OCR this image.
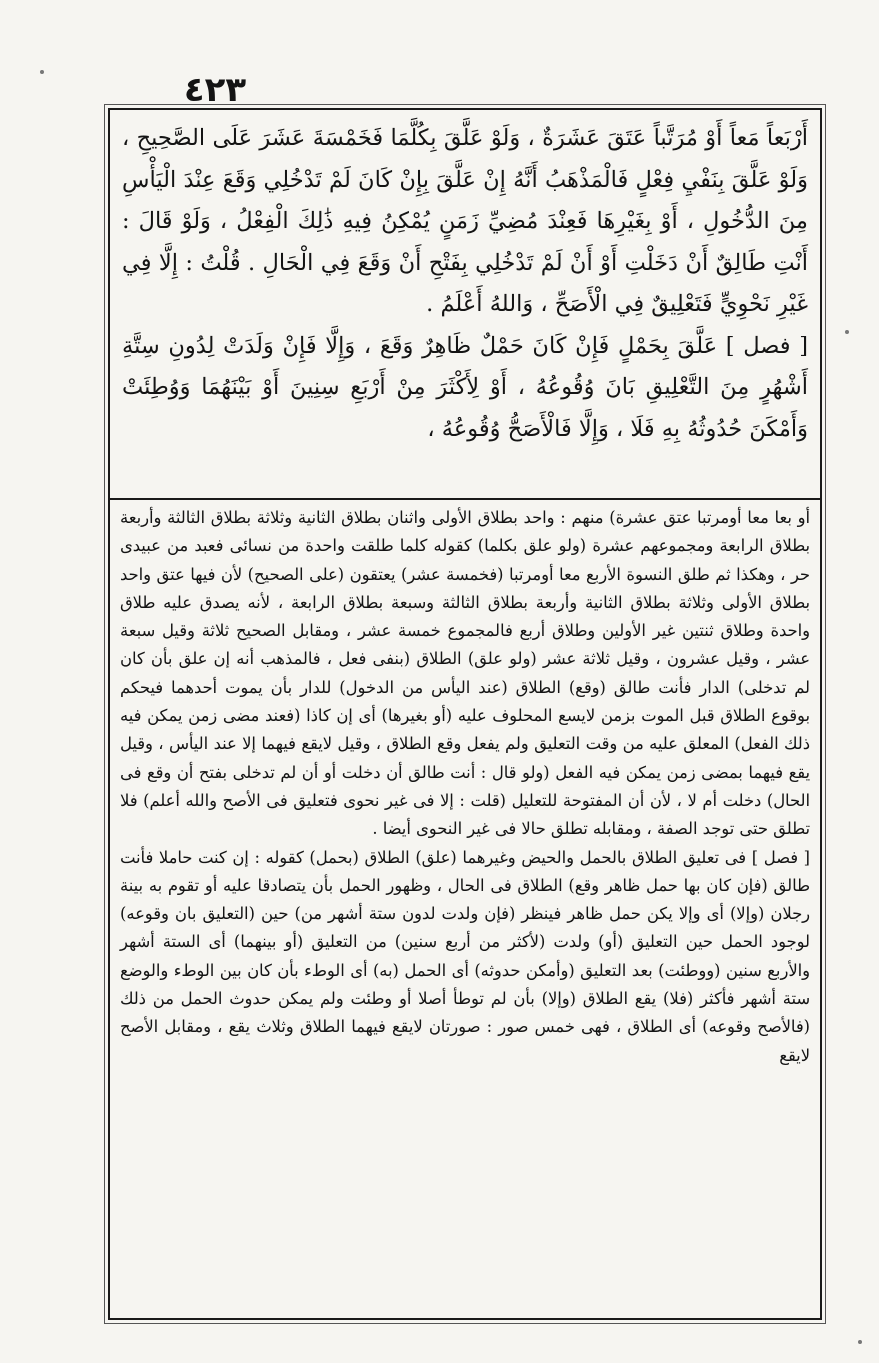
٤٢٣

أَرْبَعاً مَعاً أَوْ مُرَتَّباً عَتَقَ عَشَرَةٌ ، وَلَوْ عَلَّقَ بِكُلَّمَا فَخَمْسَةَ عَشَرَ عَلَى الصَّحِيحِ ، وَلَوْ عَلَّقَ بِنَفْيِ فِعْلٍ فَالْمَذْهَبُ أَنَّهُ إِنْ عَلَّقَ بِإِنْ كَانَ لَمْ تَدْخُلِي وَقَعَ عِنْدَ الْيَأْسِ مِنَ الدُّخُولِ ، أَوْ بِغَيْرِهَا فَعِنْدَ مُضِيِّ زَمَنٍ يُمْكِنُ فِيهِ ذَٰلِكَ الْفِعْلُ ، وَلَوْ قَالَ : أَنْتِ طَالِقٌ أَنْ دَخَلْتِ أَوْ أَنْ لَمْ تَدْخُلِي بِفَتْحِ أَنْ وَقَعَ فِي الْحَالِ . قُلْتُ : إِلَّا فِي غَيْرِ نَحْوِيٍّ فَتَعْلِيقٌ فِي الْأَصَحِّ ، وَاللهُ أَعْلَمُ .

[ فصل ] عَلَّقَ بِحَمْلٍ فَإِنْ كَانَ حَمْلٌ ظَاهِرٌ وَقَعَ ، وَإِلَّا فَإِنْ وَلَدَتْ لِدُونِ سِتَّةِ أَشْهُرٍ مِنَ التَّعْلِيقِ بَانَ وُقُوعُهُ ، أَوْ لِأَكْثَرَ مِنْ أَرْبَعِ سِنِينَ أَوْ بَيْنَهُمَا وَوُطِئَتْ وَأَمْكَنَ حُدُوثُهُ بِهِ فَلَا ، وَإِلَّا فَالْأَصَحُّ وُقُوعُهُ ،

أو بعا معا أومرتبا عتق عشرة) منهم : واحد بطلاق الأولى واثنان بطلاق الثانية وثلاثة بطلاق الثالثة وأربعة بطلاق الرابعة ومجموعهم عشرة (ولو علق بكلما) كقوله كلما طلقت واحدة من نسائى فعبد من عبيدى حر ، وهكذا ثم طلق النسوة الأربع معا أومرتبا (فخمسة عشر) يعتقون (على الصحيح) لأن فيها عتق واحد بطلاق الأولى وثلاثة بطلاق الثانية وأربعة بطلاق الثالثة وسبعة بطلاق الرابعة ، لأنه يصدق عليه طلاق واحدة وطلاق ثنتين غير الأولين وطلاق أربع فالمجموع خمسة عشر ، ومقابل الصحيح ثلاثة وقيل سبعة عشر ، وقيل عشرون ، وقيل ثلاثة عشر (ولو علق) الطلاق (بنفى فعل ، فالمذهب أنه إن علق بأن كان لم تدخلى) الدار فأنت طالق (وقع) الطلاق (عند اليأس من الدخول) للدار بأن يموت أحدهما فيحكم بوقوع الطلاق قبل الموت بزمن لايسع المحلوف عليه (أو بغيرها) أى إن كاذا (فعند مضى زمن يمكن فيه ذلك الفعل) المعلق عليه من وقت التعليق ولم يفعل وقع الطلاق ، وقيل لايقع فيهما إلا عند اليأس ، وقيل يقع فيهما بمضى زمن يمكن فيه الفعل (ولو قال : أنت طالق أن دخلت أو أن لم تدخلى بفتح أن وقع فى الحال) دخلت أم لا ، لأن أن المفتوحة للتعليل (قلت : إلا فى غير نحوى فتعليق فى الأصح والله أعلم) فلا تطلق حتى توجد الصفة ، ومقابله تطلق حالا فى غير النحوى أيضا .

[ فصل ] فى تعليق الطلاق بالحمل والحيض وغيرهما (علق) الطلاق (بحمل) كقوله : إن كنت حاملا فأنت طالق (فإن كان بها حمل ظاهر وقع) الطلاق فى الحال ، وظهور الحمل بأن يتصادقا عليه أو تقوم به بينة رجلان (وإلا) أى وإلا يكن حمل ظاهر فينظر (فإن ولدت لدون ستة أشهر من) حين (التعليق بان وقوعه) لوجود الحمل حين التعليق (أو) ولدت (لأكثر من أربع سنين) من التعليق (أو بينهما) أى الستة أشهر والأربع سنين (ووطئت) بعد التعليق (وأمكن حدوثه) أى الحمل (به) أى الوطء بأن كان بين الوطء والوضع ستة أشهر فأكثر (فلا) يقع الطلاق (وإلا) بأن لم توطأ أصلا أو وطئت ولم يمكن حدوث الحمل من ذلك (فالأصح وقوعه) أى الطلاق ، فهى خمس صور : صورتان لايقع فيهما الطلاق وثلاث يقع ، ومقابل الأصح لايقع
